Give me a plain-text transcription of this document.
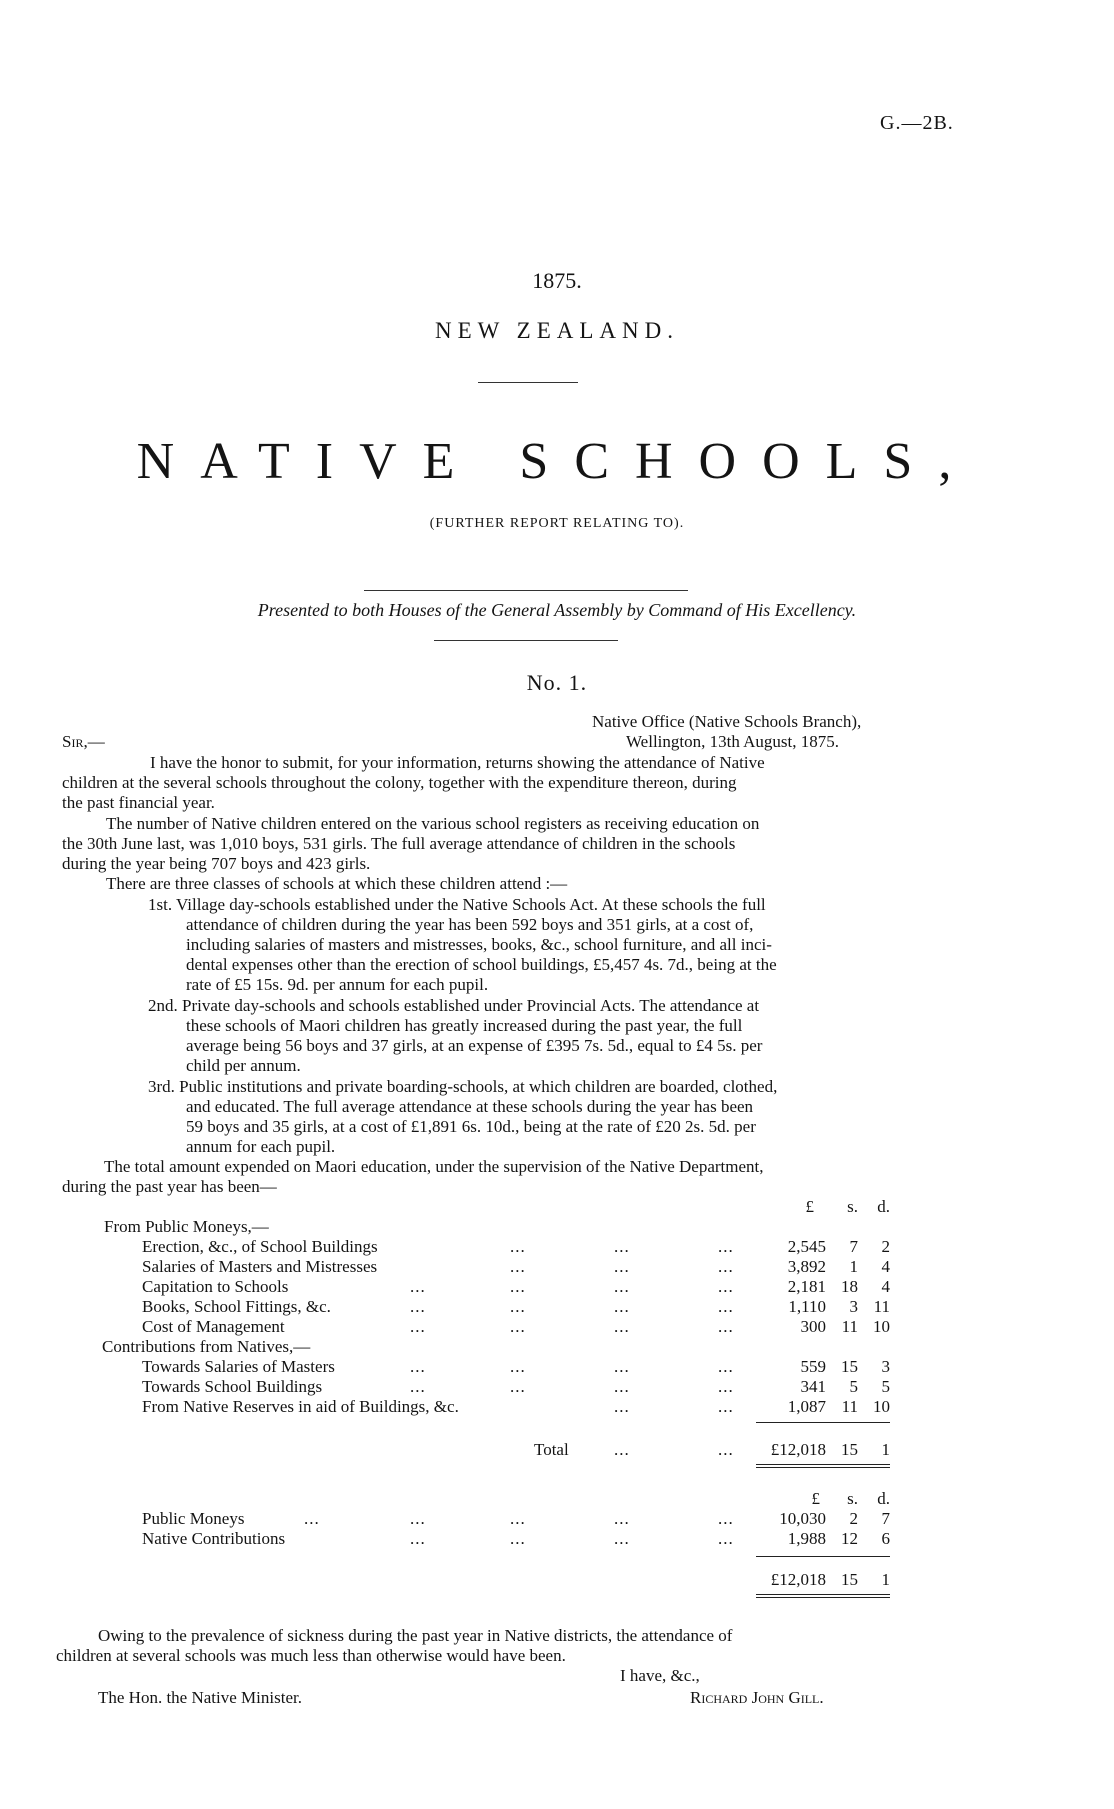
G.—2B.
1875.
NEW ZEALAND.
NATIVE SCHOOLS,
(FURTHER REPORT RELATING TO).
Presented to both Houses of the General Assembly by Command of His Excellency.
No. 1.
Native Office (Native Schools Branch),
Sir,—	Wellington, 13th August, 1875.
I have the honor to submit, for your information, returns showing the attendance of Native
children at the several schools throughout the colony, together with the expenditure thereon, during
the past financial year.
The number of Native children entered on the various school registers as receiving education on
the 30th June last, was 1,010 boys, 531 girls. The full average attendance of children in the schools
during the year being 707 boys and 423 girls.
There are three classes of schools at which these children attend :—
1st. Village day-schools established under the Native Schools Act. At these schools the full
attendance of children during the year has been 592 boys and 351 girls, at a cost of,
including salaries of masters and mistresses, books, &c., school furniture, and all inci-
dental expenses other than the erection of school buildings, £5,457 4s. 7d., being at the
rate of £5 15s. 9d. per annum for each pupil.
2nd. Private day-schools and schools established under Provincial Acts. The attendance at
these schools of Maori children has greatly increased during the past year, the full
average being 56 boys and 37 girls, at an expense of £395 7s. 5d., equal to £4 5s. per
child per annum.
3rd. Public institutions and private boarding-schools, at which children are boarded, clothed,
and educated. The full average attendance at these schools during the year has been
59 boys and 35 girls, at a cost of £1,891 6s. 10d., being at the rate of £20 2s. 5d. per
annum for each pupil.
The total amount expended on Maori education, under the supervision of the Native Department,
during the past year has been—
£	s.	d.
From Public Moneys,—
Erection, &c., of School Buildings	...	...	...	2,545	7	2
Salaries of Masters and Mistresses	...	...	...	3,892	1	4
Capitation to Schools	...	...	...	...	2,181 18	4
Books, School Fittings, &c.	...	...	...	...	1,110	3 11
Cost of Management	...	...	...	...	300 11 10
Contributions from Natives,—
Towards Salaries of Masters	...	...	...	...	559 15	3
Towards School Buildings	...	...	...	...	341	5	5
From Native Reserves in aid of Buildings, &c.	...	...	1,087 11 10
Total	...	...	£12,018 15	1
£	s.	d.
Public Moneys	...	...	...	...	...	10,030	2	7
Native Contributions	...	...	...	...	1,988 12	6
£12,018 15	1
Owing to the prevalence of sickness during the past year in Native districts, the attendance of
children at several schools was much less than otherwise would have been.
I have, &c.,
The Hon. the Native Minister.	Richard John Gill.
